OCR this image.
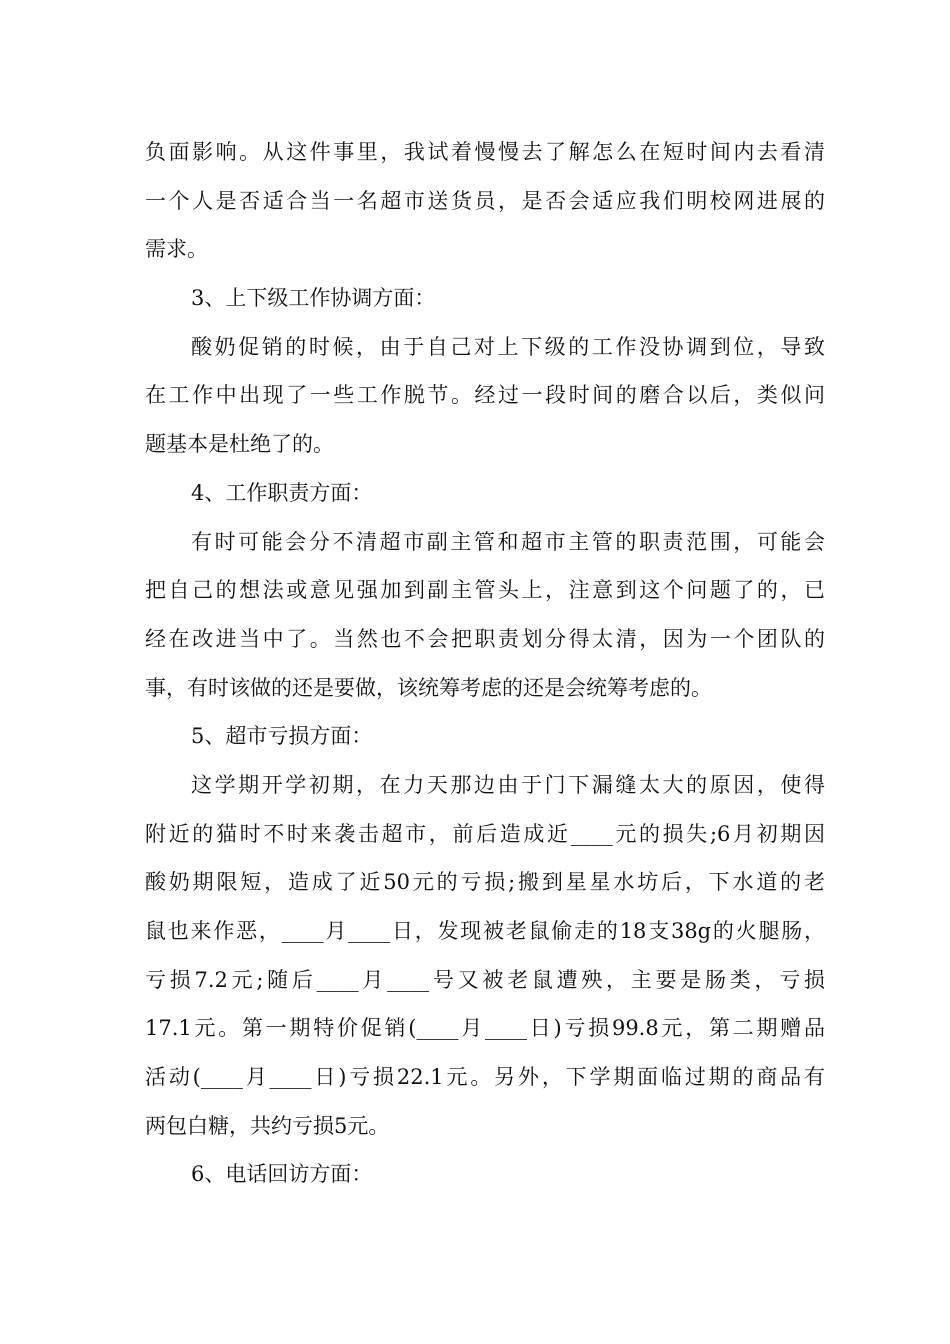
负面影响。从这件事里，我试着慢慢去了解怎么在短时间内去看清
一个人是否适合当一名超市送货员，是否会适应我们明校网进展的
需求。
3、上下级工作协调方面：
酸奶促销的时候，由于自己对上下级的工作没协调到位，导致
在工作中出现了一些工作脱节。经过一段时间的磨合以后，类似问
题基本是杜绝了的。
4、工作职责方面：
有时可能会分不清超市副主管和超市主管的职责范围，可能会
把自己的想法或意见强加到副主管头上，注意到这个问题了的，已
经在改进当中了。当然也不会把职责划分得太清，因为一个团队的
事，有时该做的还是要做，该统筹考虑的还是会统筹考虑的。
5、超市亏损方面：
这学期开学初期，在力天那边由于门下漏缝太大的原因，使得
附近的猫时不时来袭击超市，前后造成近____元的损失;6月初期因
酸奶期限短，造成了近50元的亏损;搬到星星水坊后，下水道的老
鼠也来作恶，____月____日，发现被老鼠偷走的18支38g的火腿肠，
亏损7.2元;随后____月____号又被老鼠遭殃，主要是肠类，亏损
17.1元。第一期特价促销(____月____日)亏损99.8元，第二期赠品
活动(____月____日)亏损22.1元。另外，下学期面临过期的商品有
两包白糖，共约亏损5元。
6、电话回访方面：
